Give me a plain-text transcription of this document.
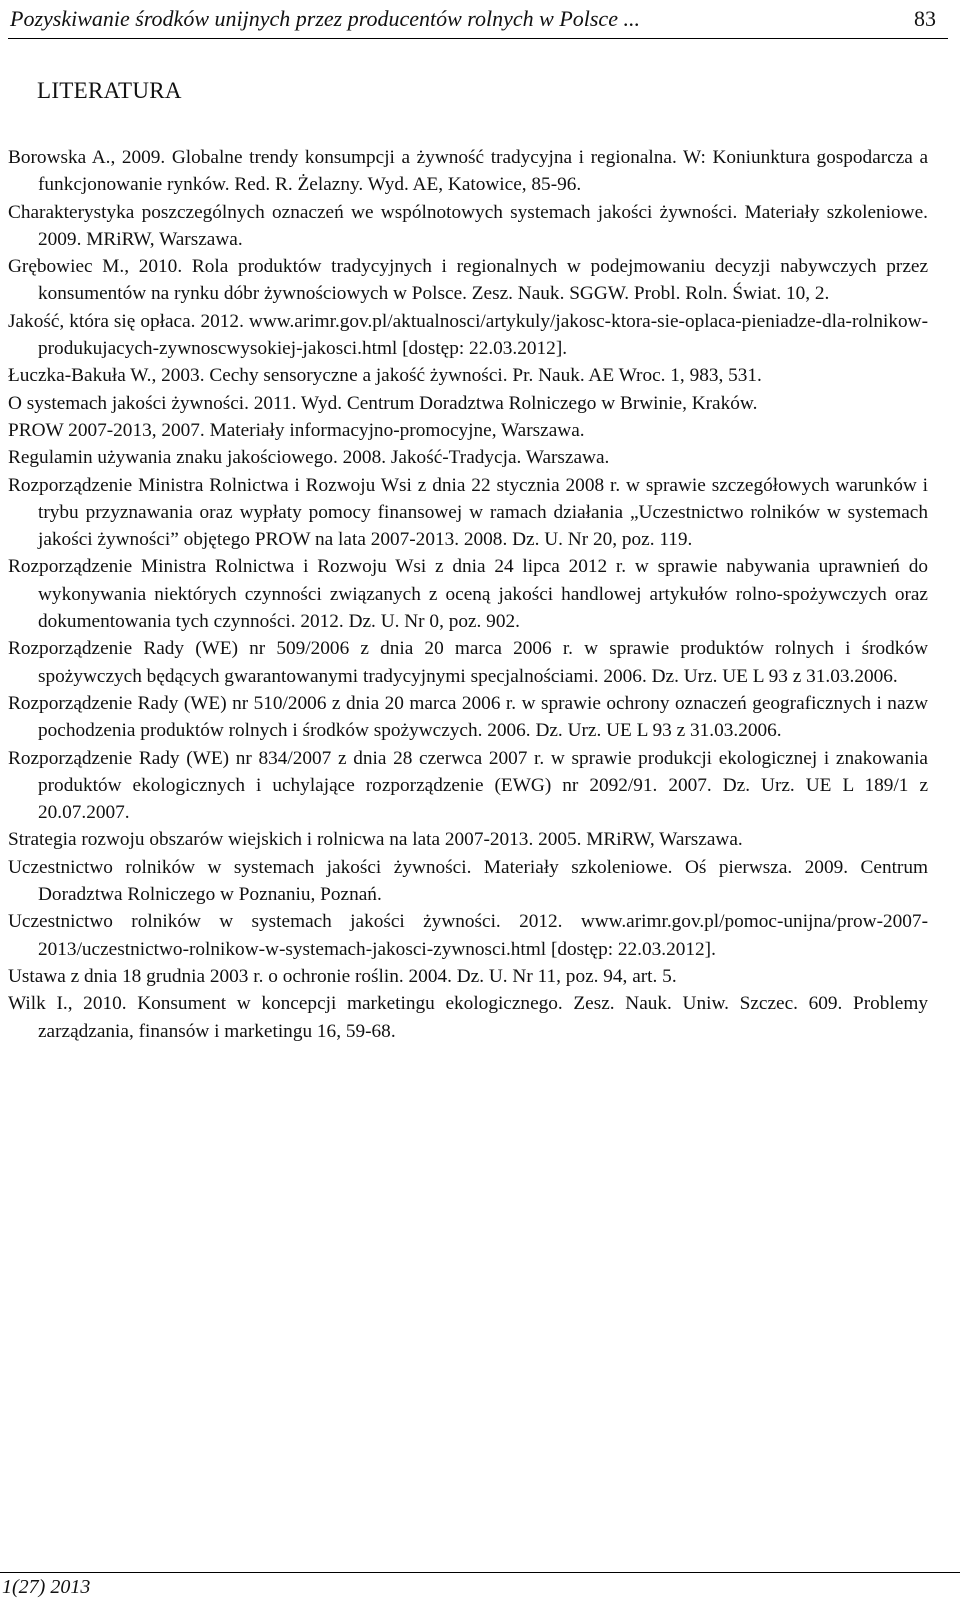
Pozyskiwanie środków unijnych przez producentów rolnych w Polsce ...	83
LITERATURA

Borowska A., 2009. Globalne trendy konsumpcji a żywność tradycyjna i regionalna. W: Koniunktura gospodarcza a funkcjonowanie rynków. Red. R. Żelazny. Wyd. AE, Katowice, 85-96.

Charakterystyka poszczególnych oznaczeń we wspólnotowych systemach jakości żywności. Materiały szkoleniowe. 2009. MRiRW, Warszawa.

Grębowiec M., 2010. Rola produktów tradycyjnych i regionalnych w podejmowaniu decyzji nabywczych przez konsumentów na rynku dóbr żywnościowych w Polsce. Zesz. Nauk. SGGW. Probl. Roln. Świat. 10, 2.

Jakość, która się opłaca. 2012. www.arimr.gov.pl/aktualnosci/artykuly/jakosc-ktora-sie-oplaca-pieniadze-dla-rolnikow-produkujacych-zywnoscwysokiej-jakosci.html [dostęp: 22.03.2012].

Łuczka-Bakuła W., 2003. Cechy sensoryczne a jakość żywności. Pr. Nauk. AE Wroc. 1, 983, 531.

O systemach jakości żywności. 2011. Wyd. Centrum Doradztwa Rolniczego w Brwinie, Kraków.

PROW 2007-2013, 2007. Materiały informacyjno-promocyjne, Warszawa.

Regulamin używania znaku jakościowego. 2008. Jakość-Tradycja. Warszawa.

Rozporządzenie Ministra Rolnictwa i Rozwoju Wsi z dnia 22 stycznia 2008 r. w sprawie szczegółowych warunków i trybu przyznawania oraz wypłaty pomocy finansowej w ramach działania „Uczestnictwo rolników w systemach jakości żywności” objętego PROW na lata 2007-2013. 2008. Dz. U. Nr 20, poz. 119.

Rozporządzenie Ministra Rolnictwa i Rozwoju Wsi z dnia 24 lipca 2012 r. w sprawie nabywania uprawnień do wykonywania niektórych czynności związanych z oceną jakości handlowej artykułów rolno-spożywczych oraz dokumentowania tych czynności. 2012. Dz. U. Nr 0, poz. 902.

Rozporządzenie Rady (WE) nr 509/2006 z dnia 20 marca 2006 r. w sprawie produktów rolnych i środków spożywczych będących gwarantowanymi tradycyjnymi specjalnościami. 2006. Dz. Urz. UE L 93 z 31.03.2006.

Rozporządzenie Rady (WE) nr 510/2006 z dnia 20 marca 2006 r. w sprawie ochrony oznaczeń geograficznych i nazw pochodzenia produktów rolnych i środków spożywczych. 2006. Dz. Urz. UE L 93 z 31.03.2006.

Rozporządzenie Rady (WE) nr 834/2007 z dnia 28 czerwca 2007 r. w sprawie produkcji ekologicznej i znakowania produktów ekologicznych i uchylające rozporządzenie (EWG) nr 2092/91. 2007. Dz. Urz. UE L 189/1 z 20.07.2007.

Strategia rozwoju obszarów wiejskich i rolnicwa na lata 2007-2013. 2005. MRiRW, Warszawa.

Uczestnictwo rolników w systemach jakości żywności. Materiały szkoleniowe. Oś pierwsza. 2009. Centrum Doradztwa Rolniczego w Poznaniu, Poznań.

Uczestnictwo rolników w systemach jakości żywności. 2012. www.arimr.gov.pl/pomoc-unijna/prow-2007-2013/uczestnictwo-rolnikow-w-systemach-jakosci-zywnosci.html [dostęp: 22.03.2012].

Ustawa z dnia 18 grudnia 2003 r. o ochronie roślin. 2004. Dz. U. Nr 11, poz. 94, art. 5.

Wilk I., 2010. Konsument w koncepcji marketingu ekologicznego. Zesz. Nauk. Uniw. Szczec. 609. Problemy zarządzania, finansów i marketingu 16, 59-68.

1(27) 2013
